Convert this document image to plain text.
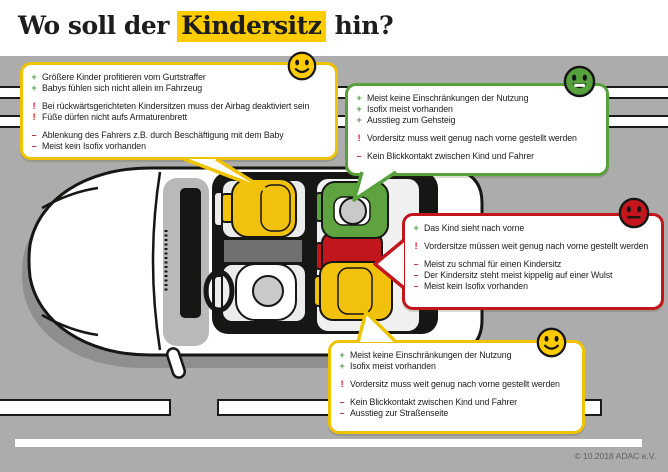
Wo soll der Kindersitz hin?
+ Größere Kinder profitieren vom Gurtstraffer
+ Babys fühlen sich nicht allein im Fahrzeug
! Bei rückwärtsgerichteten Kindersitzen muss der Airbag deaktiviert sein
! Füße dürfen nicht aufs Armaturenbrett
– Ablenkung des Fahrers z.B. durch Beschäftigung mit dem Baby
– Meist kein Isofix vorhanden
+ Meist keine Einschränkungen der Nutzung
+ Isofix meist vorhanden
+ Ausstieg zum Gehsteig
! Vordersitz muss weit genug nach vorne gestellt werden
– Kein Blickkontakt zwischen Kind und Fahrer
+ Das Kind sieht nach vorne
! Vordersitze müssen weit genug nach vorne gestellt werden
– Meist zu schmal für einen Kindersitz
– Der Kindersitz steht meist kippelig auf einer Wulst
– Meist kein Isofix vorhanden
+ Meist keine Einschränkungen der Nutzung
+ Isofix meist vorhanden
! Vordersitz muss weit genug nach vorne gestellt werden
– Kein Blickkontakt zwischen Kind und Fahrer
– Ausstieg zur Straßenseite
© 10.2018 ADAC e.V.
